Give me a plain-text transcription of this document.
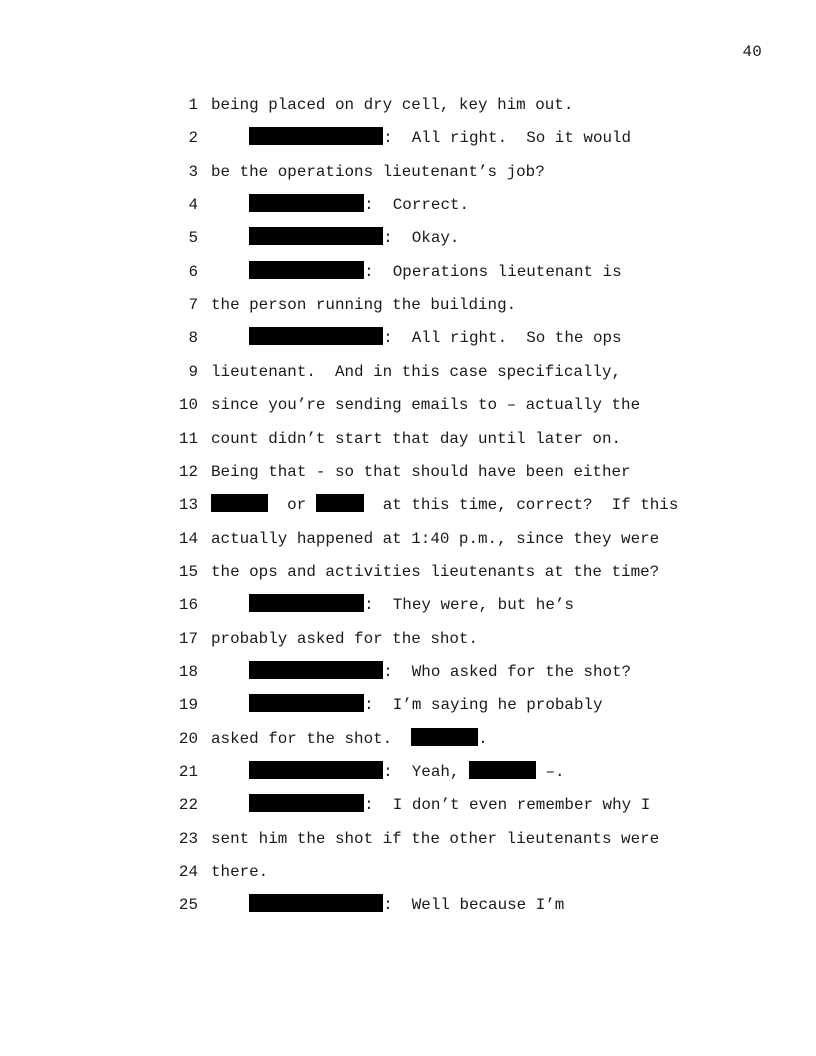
40
1 being placed on dry cell, key him out.
2	:  All right.  So it would
3 be the operations lieutenant’s job?
4	:  Correct.
5	:  Okay.
6	:  Operations lieutenant is
7 the person running the building.
8	:  All right.  So the ops
9 lieutenant.  And in this case specifically,
10 since you’re sending emails to – actually the
11 count didn’t start that day until later on.
12 Being that - so that should have been either
13	or	at this time, correct?  If this
14 actually happened at 1:40 p.m., since they were
15 the ops and activities lieutenants at the time?
16	:  They were, but he’s
17 probably asked for the shot.
18	:  Who asked for the shot?
19	:  I’m saying he probably
20 asked for the shot.	.
21	:  Yeah,	–.
22	:  I don’t even remember why I
23 sent him the shot if the other lieutenants were
24 there.
25	:  Well because I’m
